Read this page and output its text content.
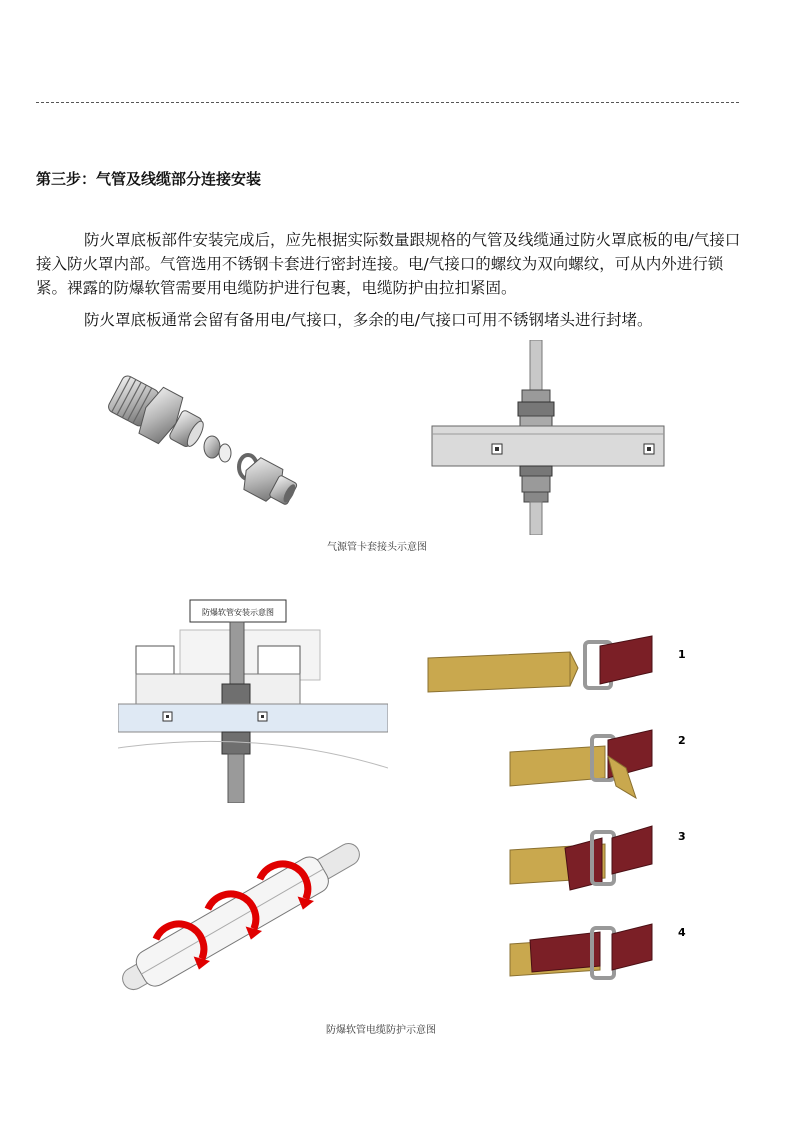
第三步：气管及线缆部分连接安装
防火罩底板部件安装完成后，应先根据实际数量跟规格的气管及线缆通过防火罩底板的电/气接口接入防火罩内部。气管选用不锈钢卡套进行密封连接。电/气接口的螺纹为双向螺纹，可从内外进行锁紧。裸露的防爆软管需要用电缆防护进行包裹，电缆防护由拉扣紧固。
防火罩底板通常会留有备用电/气接口，多余的电/气接口可用不锈钢堵头进行封堵。
气源管卡套接头示意图
防爆软管安装示意图
1
2
3
4
防爆软管电缆防护示意图
